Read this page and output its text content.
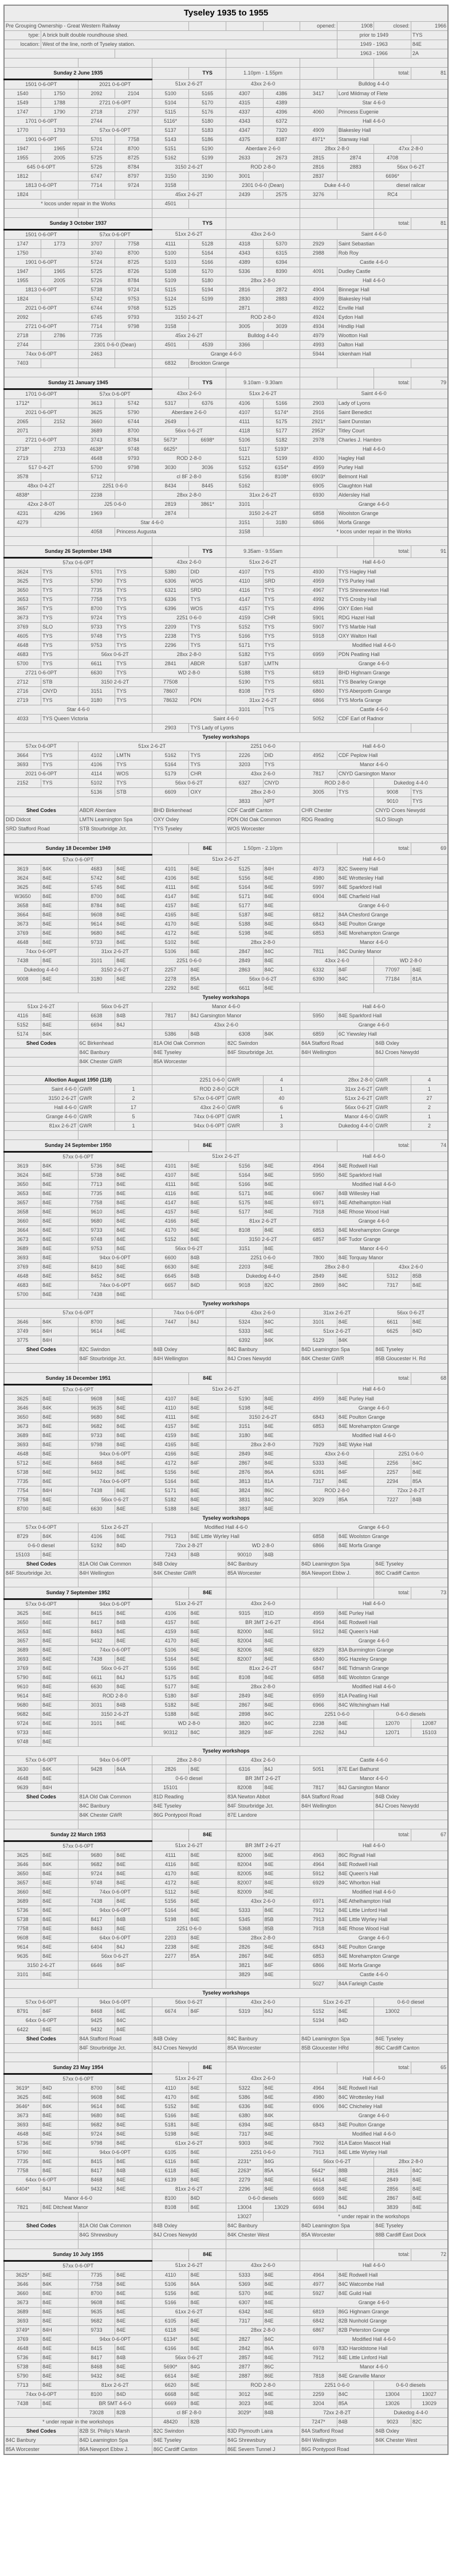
Tyseley 1935 to 1955											
Pre Grouping Ownership - Great Western Railway								opened:	1908	closed:	1966
type:	A brick built double roundhouse shed.								prior to 1949		TYS
location:	West of the line, north of Tyseley station.								1949 - 1963		84E
									1963 - 1966		2A

Sunday 2 June 1935					TYS	1.10pm - 1.55pm				total:	81
1501 0-6-0PT		2021 0-6-0PT		51xx 2-6-2T		43xx 2-6-0		Bulldog 4-4-0			
1540	1750	2092	2104	5100	5165	4307	4386	3417	Lord Mildmay of Flete		
1549	1788	2721 0-6-0PT		5104	5170	4315	4389	Star 4-6-0			
1747	1790	2718	2797	5115	5176	4337	4396	4060	Princess Eugenie		
1701 0-6-0PT		2744		5116*	5180	4343	6372	Hall 4-6-0			
1770	1793	57xx 0-6-0PT		5137	5183	4347	7320	4909	Blakesley Hall		
1901 0-6-0PT		5701	7758	5143	5186	4375	8387	4971*	Stanway Hall		
1947	1965	5724	8700	5151	5190	Aberdare 2-6-0		28xx 2-8-0		47xx 2-8-0	
1955	2005	5725	8725	5162	5199	2633	2673	2815	2874	4708	
645 0-6-0PT		5726	8784	3150 2-6-2T		ROD 2-8-0		2816	2883	56xx 0-6-2T	
1812		6747	8797	3150	3190	3001		2837		6696*	
1813 0-6-0PT		7714	9724	3158		2301 0-6-0 (Dean)		Duke 4-4-0		diesel railcar	
1824				45xx 2-6-2T		2439	2575	3276		RC4	
* locos under repair in the Works				4501							

Sunday 3 October 1937					TYS					total:	81
1501 0-6-0PT		57xx 0-6-0PT		51xx 2-6-2T		43xx 2-6-0		Saint 4-6-0			
1747	1773	3707	7758	4111	5128	4318	5370	2929	Saint Sebastian		
1750		3740	8700	5100	5164	4343	6315	2988	Rob Roy		
1901 0-6-0PT		5724	8725	5103	5166	4389	6394	Castle 4-6-0			
1947	1965	5725	8726	5108	5170	5336	8390	4091	Dudley Castle		
1955	2005	5726	8784	5109	5180	28xx 2-8-0		Hall 4-6-0			
1813 0-6-0PT		5738	9724	5115	5194	2816	2872	4904	Binnegar Hall		
1824		5742	9753	5124	5199	2830	2883	4909	Blakesley Hall		
2021 0-6-0PT		6744	9768	5125		2871		4922	Enville Hall		
2092		6745	9793	3150 2-6-2T		ROD 2-8-0		4924	Eydon Hall		
2721 0-6-0PT		7714	9798	3158		3005	3039	4934	Hindlip Hall		
2718	2786	7735		45xx 2-6-2T		Bulldog 4-4-0		4979	Wootton Hall		
2744		2301 0-6-0 (Dean)		4501	4539	3366		4993	Dalton Hall		
74xx 0-6-0PT		2463		Grange 4-6-0				5944	Ickenham Hall		
7403				6832	Brockton Grange						

Sunday 21 January 1945					TYS	9.10am - 9.30am				total:	79
1701 0-6-0PT		57xx 0-6-0PT		43xx 2-6-0		51xx 2-6-2T		Saint 4-6-0			
1712*		3613	5742	5317	6376	4106	5166	2903	Lady of Lyons		
2021 0-6-0PT		3625	5790	Aberdare 2-6-0		4107	5174*	2916	Saint Benedict		
2065	2152	3660	6744	2649		4111	5175	2921*	Saint Dunstan		
2071		3689	8700	56xx 0-6-2T		4118	5177	2953*	Titley Court		
2721 0-6-0PT		3743	8784	5673*	6698*	5106	5182	2978	Charles J. Hambro		
2718*	2733	4638*	9748	6625*		5117	5193*	Hall 4-6-0			
2719		4648	9793	ROD 2-8-0		5121	5199	4930	Hagley Hall		
517 0-4-2T		5700	9798	3030	3036	5152	6154*	4959	Purley Hall		
3578		5712		cl 8F 2-8-0		5156	8108*	6903*	Belmont Hall		
48xx 0-4-2T		2251 0-6-0		8434	8445	5162		6905	Claughton Hall		
4838*		2238		28xx 2-8-0		31xx 2-6-2T		6930	Aldersley Hall		
42xx 2-8-0T		J25 0-6-0		2819	3861*	3101		Grange 4-6-0			
4231	4296	1969		2874		3150 2-6-2T		6858	Woolston Grange		
4279		Star 4-6-0				3151	3180	6866	Morfa Grange		
		4058	Princess Augusta			3158		* locos under repair in the Works			

Sunday 26 September 1948					TYS	9.35am - 9.55am				total:	91
57xx 0-6-0PT				43xx 2-6-0		51xx 2-6-2T		Hall 4-6-0			
3624	TYS	5701	TYS	5380	DID	4107	TYS	4930	TYS Hagley Hall		
3625	TYS	5790	TYS	6306	WOS	4110	SRD	4959	TYS Purley Hall		
3650	TYS	7735	TYS	6321	SRD	4116	TYS	4967	TYS Shirenewton Hall		
3653	TYS	7758	TYS	6336	TYS	4147	TYS	4992	TYS Crosby Hall		
3657	TYS	8700	TYS	6396	WOS	4157	TYS	4996	OXY Eden Hall		
3673	TYS	9724	TYS	2251 0-6-0		4159	CHR	5901	RDG Hazel Hall		
3769	SLO	9733	TYS	2209	TYS	5152	TYS	5907	TYS Marble Hall		
4605	TYS	9748	TYS	2238	TYS	5166	TYS	5918	OXY Walton Hall		
4648	TYS	9753	TYS	2296	TYS	5171	TYS	Modified Hall 4-6-0			
4683	TYS	56xx 0-6-2T		28xx 2-8-0		5182	TYS	6959	PDN Peatling Hall		
5700	TYS	6611	TYS	2841	ABDR	5187	LMTN	Grange 4-6-0			
2721 0-6-0PT		6630	TYS	WD 2-8-0		5188	TYS	6819	BHD Highnam Grange		
2712	STB	3150 2-6-2T		77508		5190	TYS	6831	TYS Bearley Grange		
2716	CNYD	3151	TYS	78607		8108	TYS	6860	TYS Aberporth Grange		
2719	TYS	3180	TYS	78632	PDN	31xx 2-6-2T		6866	TYS Morfa Grange		
Star 4-6-0						3101	TYS	Castle 4-6-0			
4033	TYS Queen Victoria			Saint 4-6-0				5052	CDF Earl of Radnor		
				2903	TYS Lady of Lyons						
Tyseley workshops											
57xx 0-6-0PT		51xx 2-6-2T				2251 0-6-0		Hall 4-6-0			
3664	TYS	4102	LMTN	5162	TYS	2226	DID	4952	CDF Peplow Hall		
3693	TYS	4106	TYS	5164	TYS	3203	TYS	Manor 4-6-0			
2021 0-6-0PT		4114	WOS	5179	CHR	43xx 2-6-0		7817	CNYD Garsington Manor		
2152	TYS	5102	TYS	56xx 0-6-2T		6327	CNYD	ROD 2-8-0		Dukedog 4-4-0	
		5136	STB	6609	OXY	28xx 2-8-0		3005	TYS	9008	TYS
						3833	NPT			9010	TYS
Shed Codes		ABDR Aberdare		BHD Birkenhead		CDF Cardiff Canton		CHR Chester		CNYD Croes Newydd	
DID Didcot		LMTN Leamington Spa		OXY Oxley		PDN Old Oak Common		RDG Reading		SLO Slough	
SRD Stafford Road		STB Stourbridge Jct.		TYS Tyseley		WOS Worcester					

Sunday 18 December 1949					84E	1.50pm - 2.10pm				total:	69
57xx 0-6-0PT				51xx 2-6-2T				Hall 4-6-0			
3619	84K	4683	84E	4101	84E	5125	84H	4973	82C Sweeny Hall		
3624	84E	5742	84E	4106	84E	5156	84E	4980	84E Wrottesley Hall		
3625	84E	5745	84E	4111	84E	5164	84E	5997	84E Sparkford Hall		
W3650	84E	8700	84E	4147	84E	5171	84E	6904	84E Charfield Hall		
3658	84E	8784	84E	4157	84E	5177	84E	Grange 4-6-0			
3664	84E	9608	84E	4165	84E	5187	84E	6812	84A Chesford Grange		
3673	84E	9614	84E	4170	84E	5188	84E	6843	84E Poulton Grange		
3769	84E	9680	84E	4172	84E	5198	84E	6853	84E Morehampton Grange		
4648	84E	9733	84E	5102	84E	28xx 2-8-0		Manor 4-6-0			
74xx 0-6-0PT		31xx 2-6-2T		5106	84E	2847	84C	7811	84C Dunley Manor		
7438	84E	3101	84E	2251 0-6-0		2849	84E	43xx 2-6-0		WD 2-8-0	
Dukedog 4-4-0		3150 2-6-2T		2257	84E	2863	84C	6332	84F	77097	84E
9008	84E	3180	84E	2278	85A	56xx 0-6-2T		6390	84C	77184	81A
				2292	84E	6611	84E				
Tyseley workshops											
51xx 2-6-2T		56xx 0-6-2T		Manor 4-6-0				Hall 4-6-0			
4116	84E	6638	84B	7817	84J Garsington Manor			5950	84E Sparkford Hall		
5152	84E	6694	84J	43xx 2-6-0				Grange 4-6-0			
5174	84K			5386	84B	6308	84K	6859	6C Yiewsley Hall		
Shed Codes		6C Birkenhead		81A Old Oak Common		82C Swindon		84A Stafford Road		84B Oxley	
		84C Banbury		84E Tyseley		84F Stourbridge Jct.		84H Wellington		84J Croes Newydd	
		84K Chester GWR		85A Worcester							

Alloction August 1950 (118)				2251 0-6-0		GWR	4	28xx 2-8-0		GWR	4
Saint 4-6-0		GWR	1	ROD 2-8-0		GCR	1	31xx 2-6-2T		GWR	1
3150 2-6-2T		GWR	2	57xx 0-6-0PT		GWR	40	51xx 2-6-2T		GWR	27
Hall 4-6-0		GWR	17	43xx 2-6-0		GWR	6	56xx 0-6-2T		GWR	2
Grange 4-6-0		GWR	5	74xx 0-6-0PT		GWR	1	Manor 4-6-0		GWR	1
81xx 2-6-2T		GWR	1	94xx 0-6-0PT		GWR	3	Dukedog 4-4-0		GWR	2

Sunday 24 September 1950					84E					total:	74
57xx 0-6-0PT				51xx 2-6-2T				Hall 4-6-0			
3619	84K	5736	84E	4101	84E	5156	84E	4964	84E Rodwell Hall		
3624	84E	5738	84E	4107	84E	5164	84E	5950	84E Sparkford Hall		
3650	84E	7713	84E	4111	84E	5166	84E	Modified Hall 4-6-0			
3653	84E	7735	84E	4116	84E	5171	84E	6967	84B Willesley Hall		
3657	84E	7758	84E	4147	84E	5175	84E	6971	84E Athelhampton Hall		
3658	84E	9610	84E	4157	84E	5177	84E	7918	84E Rhose Wood Hall		
3660	84E	9680	84E	4166	84E	81xx 2-6-2T		Grange 4-6-0			
3664	84E	9733	84E	4170	84E	8108	84E	6853	84E Morehampton Grange		
3673	84E	9748	84E	5152	84E	3150 2-6-2T		6857	84F Tudor Grange		
3689	84E	9753	84E	56xx 0-6-2T		3151	84E	Manor 4-6-0			
3693	84E	94xx 0-6-0PT		6600	84B	2251 0-6-0		7800	84E Torquay Manor		
3769	84E	8410	84E	6630	84E	2203	84E	28xx 2-8-0		43xx 2-6-0	
4648	84E	8452	84E	6645	84B	Dukedog 4-4-0		2849	84E	5312	85B
4683	84E	74xx 0-6-0PT		6657	84D	9018	82C	2869	84C	7317	84E
5700	84E	7438	84E								
Tyseley workshops											
57xx 0-6-0PT				74xx 0-6-0PT		43xx 2-6-0		31xx 2-6-2T		56xx 0-6-2T	
3646	84K	8700	84E	7447	84J	5324	84C	3101	84E	6611	84E
3749	84H	9614	84E			5333	84E	51xx 2-6-2T		6625	84D
3775	84H					6392	84K	5129	84K		
Shed Codes		82C Swindon		84B Oxley		84C Banbury		84D Leamington Spa		84E Tyseley	
		84F Stourbridge Jct.		84H Wellington		84J Croes Newydd		84K Chester GWR		85B Gloucester H. Rd	

Sunday 16 December 1951					84E					total:	68
57xx 0-6-0PT				51xx 2-6-2T				Hall 4-6-0			
3625	84E	9608	84E	4107	84E	5190	84E	4959	84E Purley Hall		
3646	84K	9635	84E	4110	84E	5198	84E	Grange 4-6-0			
3650	84E	9680	84E	4111	84E	3150 2-6-2T		6843	84E Poulton Grange		
3673	84E	9682	84E	4157	84E	3151	84E	6853	84E Morehampton Grange		
3689	84E	9733	84E	4159	84E	3180	84E	Modified Hall 4-6-0			
3693	84E	9798	84E	4165	84E	28xx 2-8-0		7929	84E Wyke Hall		
4648	84E	94xx 0-6-0PT		4166	84E	2849	84E	43xx 2-6-0		2251 0-6-0	
5712	84E	8468	84E	4172	84F	2867	84E	5333	84E	2256	84C
5738	84E	9432	84E	5156	84E	2876	86A	6391	84F	2257	84E
7735	84E	74xx 0-6-0PT		5164	84E	3813	81A	7317	84E	2294	85A
7754	84H	7438	84E	5171	84E	3824	86C	ROD 2-8-0		72xx 2-8-2T	
7758	84E	56xx 0-6-2T		5182	84E	3831	84C	3029	85A	7227	84B
8700	84E	6630	84E	5188	84E	3837	84E				
Tyseley workshops											
57xx 0-6-0PT		51xx 2-6-2T		Modified Hall 4-6-0				Grange 4-6-0			
8729	84K	4106	84E	7913	84E Little Wyrley Hall			6858	84E Woolston Grange		
0-6-0 diesel		5192	84D	72xx 2-8-2T		WD 2-8-0		6866	84E Morfa Grange		
15103	84E			7243	84B	90010	84B				
Shed Codes		81A Old Oak Common		84B Oxley		84C Banbury		84D Leamington Spa		84E Tyseley	
84F Stourbridge Jct.		84H Wellington		84K Chester GWR		85A Worcester		86A Newport Ebbw J.		86C Cradiff Canton	

Sunday 7 September 1952					84E					total:	73
57xx 0-6-0PT		94xx 0-6-0PT		51xx 2-6-2T		43xx 2-6-0		Hall 4-6-0			
3625	84E	8415	84E	4106	84E	9315	81D	4959	84E Purley Hall		
3650	84E	8417	84B	4157	84E	BR 3MT 2-6-2T		4964	84E Rodwell Hall		
3653	84E	8463	84E	4159	84E	82000	84E	5912	84E Queen's Hall		
3657	84E	9432	84E	4170	84E	82004	84E	Grange 4-6-0			
3689	84E	74xx 0-6-0PT		5106	84E	82006	84E	6829	83A Burmington Grange		
3693	84E	7438	84E	5164	84E	82007	84E	6840	86G Hazeley Grange		
3769	84E	56xx 0-6-2T		5166	84E	81xx 2-6-2T		6847	84E Tidmarsh Grange		
5790	84E	6611	84J	5175	84E	8108	84E	6858	84E Woolston Grange		
9610	84E	6630	84E	5177	84E	28xx 2-8-0		Modified Hall 4-6-0			
9614	84E	ROD 2-8-0		5180	84F	2849	84E	6959	81A Peatling Hall		
9680	84E	3031	84B	5182	84E	2867	84E	6966	84C Witchingham Hall		
9682	84E	3150 2-6-2T		5188	84E	2898	84C	2251 0-6-0		0-6-0 diesels	
9724	84E	3101	84E	WD 2-8-0		3820	84C	2238	84E	12070	12087
9733	84E			90312	84C	3829	84F	2262	84J	12071	15103
9748	84E										
Tyseley workshops											
57xx 0-6-0PT		94xx 0-6-0PT		28xx 2-8-0		43xx 2-6-0		Castle 4-6-0			
3630	84K	9428	84A	2826	84E	6316	84J	5051	87E Earl Bathurst		
4648	84E			0-6-0 diesel		BR 3MT 2-6-2T		Manor 4-6-0			
9639	84H			15101		82008	84E	7817	84J Garsington Manor		
Shed Codes		81A Old Oak Common		81D Reading		83A Newton Abbot		84A Stafford Road		84B Oxley	
		84C Banbury		84E Tyseley		84F Stourbridge Jct.		84H Wellington		84J Croes Newydd	
		84K Chester GWR		86G Pontypool Road		87E Landore					

Sunday 22 March 1953					84E					total:	67
57xx 0-6-0PT				51xx 2-6-2T		BR 3MT 2-6-2T		Hall 4-6-0			
3625	84E	9680	84E	4111	84E	82000	84E	4963	86C Rignall Hall		
3646	84K	9682	84E	4116	84E	82004	84E	4964	84E Rodwell Hall		
3650	84E	9724	84E	4170	84E	82005	84E	5912	84E Queen's Hall		
3657	84E	9748	84E	4172	84E	82007	84E	6929	84C Whorlton Hall		
3660	84E	74xx 0-6-0PT		5112	84E	82009	84E	Modified Hall 4-6-0			
3689	84E	7438	84E	5156	84E	43xx 2-6-0		6971	84E Athelhampton Hall		
5736	84E	94xx 0-6-0PT		5164	84E	5333	84E	7912	84E Little Linford Hall		
5738	84E	8417	84B	5198	84E	5345	85B	7913	84E Little Wyrley Hall		
7758	84E	8463	84E	2251 0-6-0		5368	85B	7918	84E Rhose Wood Hall		
9608	84E	64xx 0-6-0PT		2203	84E	28xx 2-8-0		Grange 4-6-0			
9614	84E	6404	84J	2238	84E	2826	84E	6843	84E Poulton Grange		
9635	84E	56xx 0-6-2T		2277	85A	2867	84E	6853	84E Morehampton Grange		
3150 2-6-2T		6646	84F			3821	84F	6866	84E Morfa Grange		
3101	84E					3829	84E	Castle 4-6-0			
								5027	84A Farleigh Castle		
Tyseley workshops											
57xx 0-6-0PT		94xx 0-6-0PT		56xx 0-6-2T		43xx 2-6-0		51xx 2-6-2T		0-6-0 diesel	
8791	84F	8468	84E	6674	84F	5319	84J	5152	84E	13002	
64xx 0-6-0PT		9425	84C					5194	84D		
6422	84E	9432	84E								
Shed Codes		84A Stafford Road		84B Oxley		84C Banbury		84D Leamington Spa		84E Tyseley	
		84F Stourbridge Jct.		84J Croes Newydd		85A Worcester		85B Gloucester HRd		86C Cardiff Canton	

Sunday 23 May 1954					84E					total:	65
57xx 0-6-0PT				51xx 2-6-2T		43xx 2-6-0		Hall 4-6-0			
3619*	84D	8700	84E	4110	84E	5322	84E	4964	84E Rodwell Hall		
3625	84E	9608	84E	4170	84E	5386	84E	4980	84C Wrottesley Hall		
3646*	84K	9614	84E	5152	84E	6336	84E	6906	84C Chicheley Hall		
3673	84E	9680	84E	5166	84E	6380	84K	Grange 4-6-0			
3693	84E	9682	84E	5181	84E	6394	84E	6843	84E Poulton Grange		
4648	84E	9724	84E	5198	84E	7317	84E	Modified Hall 4-6-0			
5736	84E	9798	84E	61xx 2-6-2T		9303	84E	7902	81A Eaton Mascot Hall		
5790	84E	94xx 0-6-0PT		6105	84E	2251 0-6-0		7913	84E Little Wyrley Hall		
7735	84E	8415	84E	6116	84E	2231*	84G	56xx 0-6-2T		28xx 2-8-0	
7758	84E	8417	84B	6118	84E	2263*	85A	5642*	88B	2816	84C
64xx 0-6-0PT		8468	84E	6139	84E	2279	84E	6614	84E	2849	84E
6404*	84J	9432	84E	81xx 2-6-2T		2296	84E	6668	84E	2856	84E
Manor 4-6-0				8100	84D	0-6-0 diesels		6669	84E	2867	84E
7821	84E Ditcheat Manor			8108	84E	13004	13029	6694	84J	3839	84E
						13027		* under repair in the workshops			
Shed Codes		81A Old Oak Common		84B Oxley		84C Banbury		84D Leamington Spa		84E Tyseley	
		84G Shrewsbury		84J Croes Newydd		84K Chester West		85A Worcester		88B Cardiff East Dock	

Sunday 10 July 1955					84E					total:	72
57xx 0-6-0PT				51xx 2-6-2T		43xx 2-6-0		Hall 4-6-0			
3625*	84E	7735	84E	4110	84E	5333	84E	4964	84E Rodwell Hall		
3646	84K	7758	84E	5106	84A	5369	84E	4977	84C Watcombe Hall		
3660	84E	8700	84E	5156	84E	5370	84E	5927	84E Guild Hall		
3673	84E	9608	84E	5166	84E	6307	84E	Grange 4-6-0			
3689	84E	9635	84E	61xx 2-6-2T		6342	84E	6819	86G Highnam Grange		
3693	84E	9682	84E	6105	84E	7317	84E	6842	82B Nunhold Grange		
3749*	84H	9733	84E	6118	84E	28xx 2-8-0		6867	82B Peterston Grange		
3769	84E	94xx 0-6-0PT		6134*	84E	2827	84C	Modified Hall 4-6-0			
4648	84E	8415	84E	6166	84E	2842	86A	6978	83D Haroldstone Hall		
5736	84E	8417	84B	56xx 0-6-2T		2857	84E	7912	84E Little Linford Hall		
5738	84E	8468	84E	5690*	84G	2877	86C	Manor 4-6-0			
5790	84E	9432	84E	6614	84E	2887	86E	7818	84E Granville Manor		
7713	84E	81xx 2-6-2T		6620	84E	ROD 2-8-0		2251 0-6-0		0-6-0 diesels	
74xx 0-6-0PT		8100	84D	6668	84E	3012	84E	2259	84C	13004	13027
7438	84E	BR 5MT 4-6-0		6669	84E	3023	84E	3204	85A	13026	13029
		73028	82B	cl 8F 2-8-0		3029*	84B	72xx 2-8-2T		Dukedog 4-4-0	
* under repair in the workshops				48420	82B			7247*	84B	9023	82C
Shed Codes		82B St. Philip's Marsh		82C Swindon		83D Plymouth Laira		84A Stafford Road		84B Oxley	
84C Banbury		84D Leamington Spa		84E Tyseley		84G Shrewsbury		84H Wellington		84K Chester West	
85A Worcester		86A Newport Ebbw J.		86C Cardiff Canton		86E Severn Tunnel J		86G Pontypool Road			
